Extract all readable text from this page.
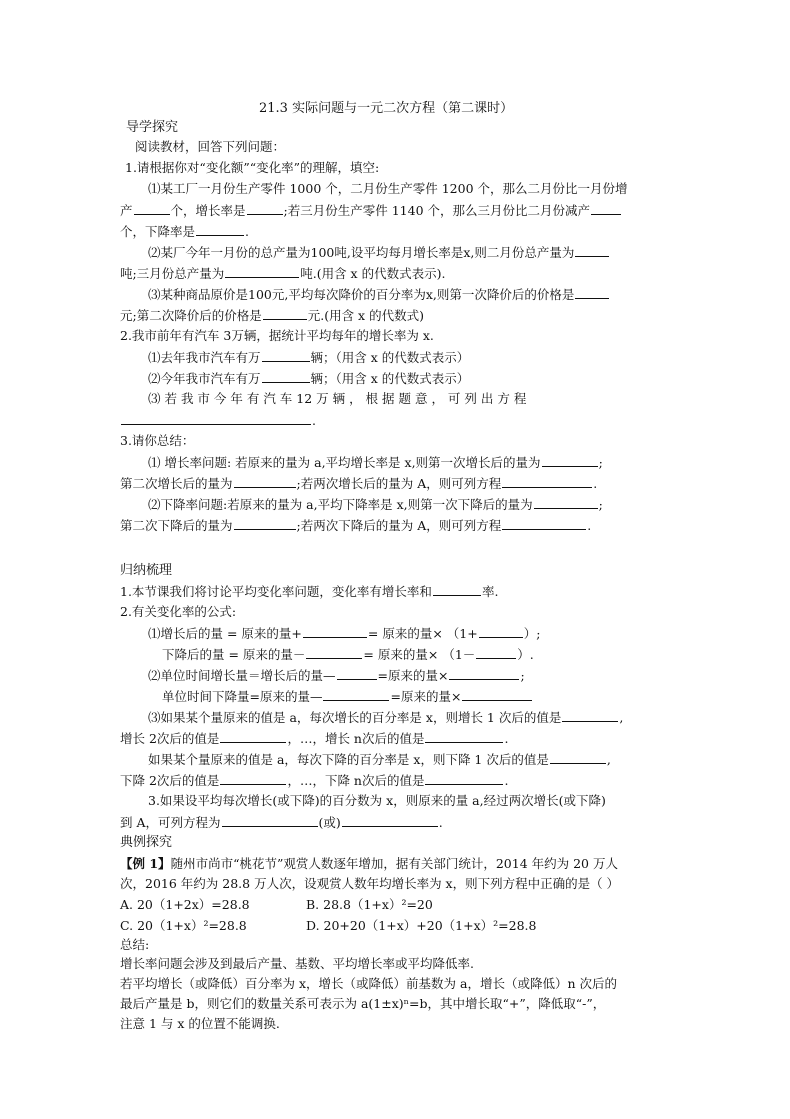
21.3 实际问题与一元二次方程（第二课时）
导学探究
阅读教材，回答下列问题：
1.请根据你对“变化额”“变化率”的理解，填空:
⑴某工厂一月份生产零件 1000 个，二月份生产零件 1200 个，那么二月份比一月份增
产	个，增长率是	;若三月份生产零件 1140 个，那么三月份比二月份减产
个，下降率是	.
⑵某厂今年一月份的总产量为100吨,设平均每月增长率是x,则二月份总产量为
吨;三月份总产量为	吨.(用含 x 的代数式表示).
⑶某种商品原价是100元,平均每次降价的百分率为x,则第一次降价后的价格是
元;第二次降价后的价格是	元.(用含 x 的代数式)
2.我市前年有汽车 3万辆，据统计平均每年的增长率为 x.
⑴去年我市汽车有万	辆；（用含 x 的代数式表示）
⑵今年我市汽车有万	辆；（用含 x 的代数式表示）
⑶ 若 我 市 今 年 有 汽 车 12 万 辆 ， 根 据 题 意 ， 可 列 出 方 程
.
3.请你总结：
⑴ 增长率问题: 若原来的量为 a,平均增长率是 x,则第一次增长后的量为	;
第二次增长后的量为	;若两次增长后的量为 A，则可列方程	.
⑵下降率问题:若原来的量为 a,平均下降率是 x,则第一次下降后的量为	;
第二次下降后的量为	;若两次下降后的量为 A，则可列方程	.
归纳梳理
1.本节课我们将讨论平均变化率问题，变化率有增长率和	率.
2.有关变化率的公式:
⑴增长后的量 = 原来的量+	= 原来的量× （1+	）;
下降后的量 = 原来的量－	= 原来的量× （1－	）.
⑵单位时间增长量＝增长后的量—	=原来的量×	;
单位时间下降量=原来的量—	=原来的量×
⑶如果某个量原来的值是 a，每次增长的百分率是 x，则增长 1 次后的值是	,
增长 2次后的值是	，…，增长 n次后的值是	.
如果某个量原来的值是 a，每次下降的百分率是 x，则下降 1 次后的值是	,
下降 2次后的值是	，…，下降 n次后的值是	.
3.如果设平均每次增长(或下降)的百分数为 x，则原来的量 a,经过两次增长(或下降)
到 A，可列方程为	(或)	.
典例探究
【例 1】随州市尚市“桃花节”观赏人数逐年增加，据有关部门统计，2014 年约为 20 万人
次，2016 年约为 28.8 万人次，设观赏人数年均增长率为 x，则下列方程中正确的是（ ）
A. 20（1+2x）=28.8	B. 28.8（1+x）²=20
C. 20（1+x）²=28.8	D. 20+20（1+x）+20（1+x）²=28.8
总结:
增长率问题会涉及到最后产量、基数、平均增长率或平均降低率.
若平均增长（或降低）百分率为 x，增长（或降低）前基数为 a，增长（或降低）n 次后的
最后产量是 b，则它们的数量关系可表示为 a(1±x)ⁿ=b，其中增长取“+”，降低取“-”，
注意 1 与 x 的位置不能调换.
